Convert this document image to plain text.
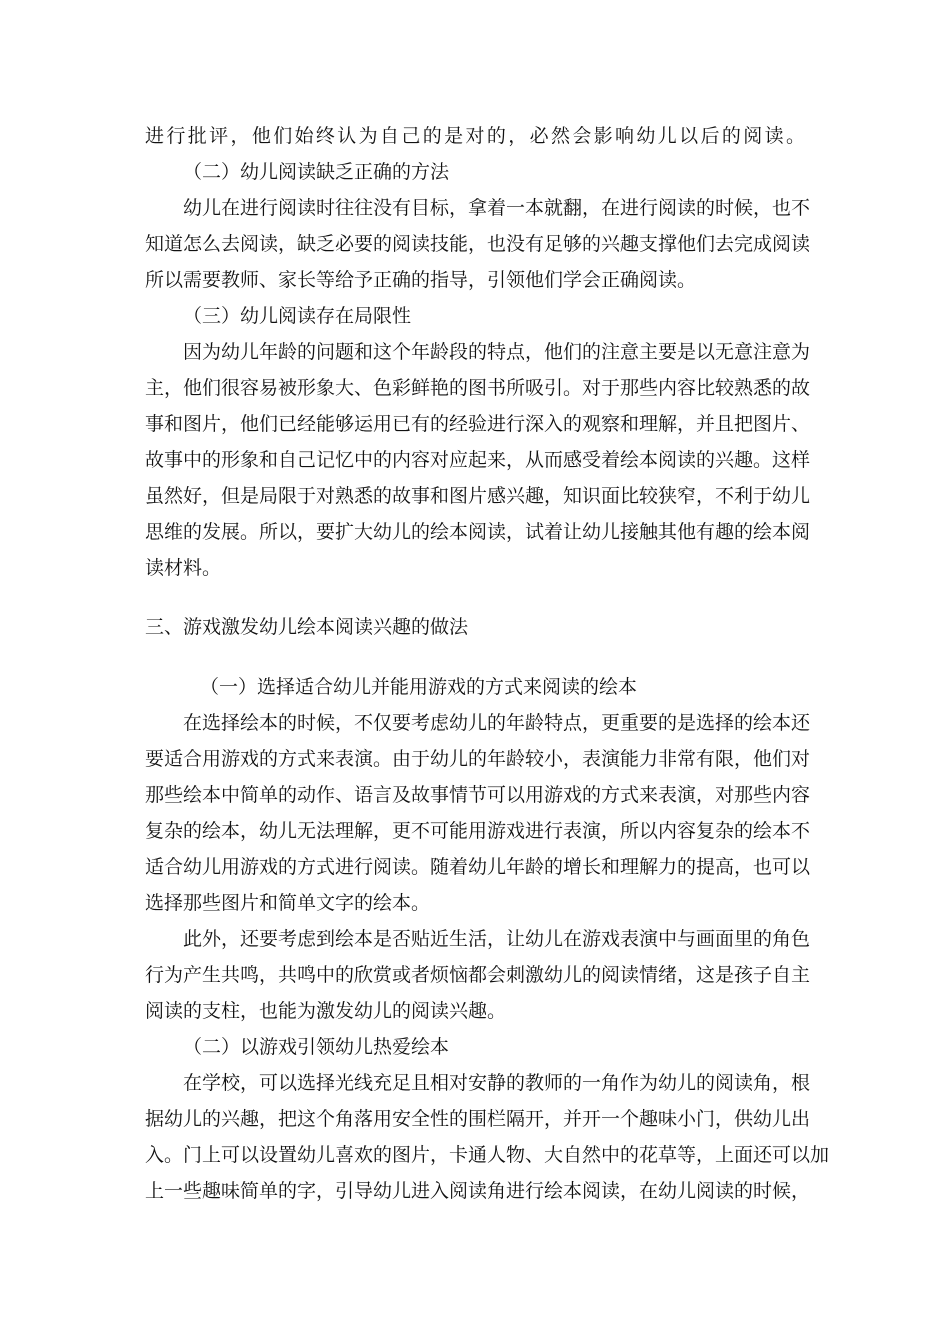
进行批评，他们始终认为自己的是对的，必然会影响幼儿以后的阅读。

（二）幼儿阅读缺乏正确的方法

幼儿在进行阅读时往往没有目标，拿着一本就翻，在进行阅读的时候，也不

知道怎么去阅读，缺乏必要的阅读技能，也没有足够的兴趣支撑他们去完成阅读

所以需要教师、家长等给予正确的指导，引领他们学会正确阅读。

（三）幼儿阅读存在局限性

因为幼儿年龄的问题和这个年龄段的特点，他们的注意主要是以无意注意为

主，他们很容易被形象大、色彩鲜艳的图书所吸引。对于那些内容比较熟悉的故

事和图片，他们已经能够运用已有的经验进行深入的观察和理解，并且把图片、

故事中的形象和自己记忆中的内容对应起来，从而感受着绘本阅读的兴趣。这样

虽然好，但是局限于对熟悉的故事和图片感兴趣，知识面比较狭窄，不利于幼儿

思维的发展。所以，要扩大幼儿的绘本阅读，试着让幼儿接触其他有趣的绘本阅

读材料。

三、游戏激发幼儿绘本阅读兴趣的做法

（一）选择适合幼儿并能用游戏的方式来阅读的绘本

在选择绘本的时候，不仅要考虑幼儿的年龄特点，更重要的是选择的绘本还

要适合用游戏的方式来表演。由于幼儿的年龄较小，表演能力非常有限，他们对

那些绘本中简单的动作、语言及故事情节可以用游戏的方式来表演，对那些内容

复杂的绘本，幼儿无法理解，更不可能用游戏进行表演，所以内容复杂的绘本不

适合幼儿用游戏的方式进行阅读。随着幼儿年龄的增长和理解力的提高，也可以

选择那些图片和简单文字的绘本。

此外，还要考虑到绘本是否贴近生活，让幼儿在游戏表演中与画面里的角色

行为产生共鸣，共鸣中的欣赏或者烦恼都会刺激幼儿的阅读情绪，这是孩子自主

阅读的支柱，也能为激发幼儿的阅读兴趣。

（二）以游戏引领幼儿热爱绘本

在学校，可以选择光线充足且相对安静的教师的一角作为幼儿的阅读角，根

据幼儿的兴趣，把这个角落用安全性的围栏隔开，并开一个趣味小门，供幼儿出

入。门上可以设置幼儿喜欢的图片，卡通人物、大自然中的花草等，上面还可以加

上一些趣味简单的字，引导幼儿进入阅读角进行绘本阅读，在幼儿阅读的时候，
